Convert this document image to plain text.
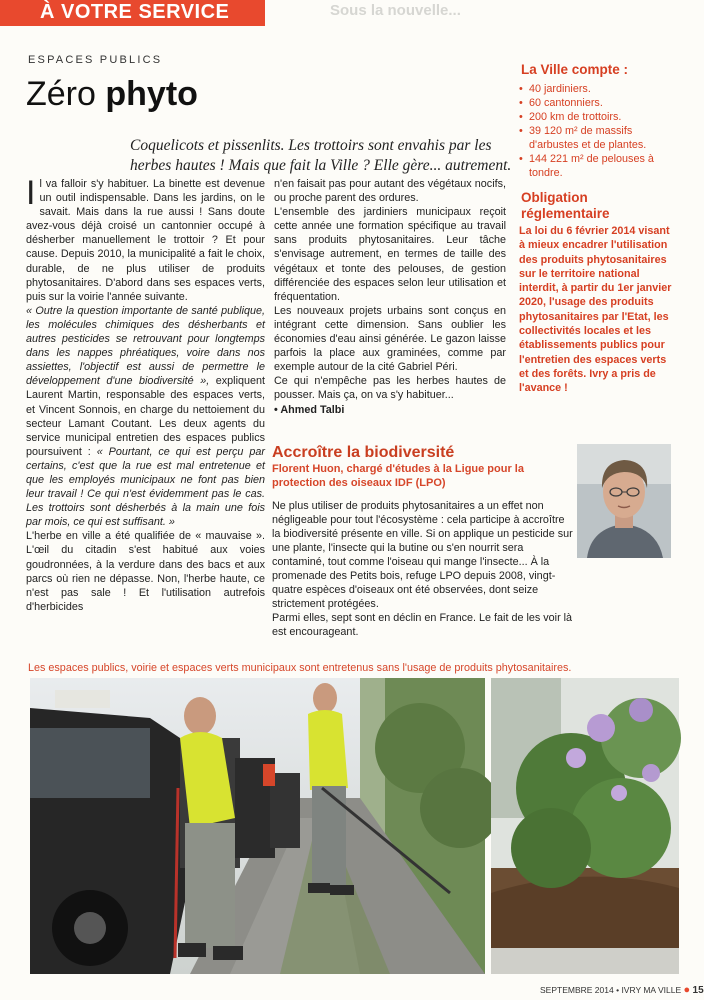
À VOTRE SERVICE	Sous la nouvelle...
ESPACES PUBLICS
Zéro phyto
Coquelicots et pissenlits. Les trottoirs sont envahis par les herbes hautes ! Mais que fait la Ville ? Elle gère... autrement.

Il va falloir s'y habituer. La binette est devenue un outil indispensable. Dans les jardins, on le savait. Mais dans la rue aussi ! Sans doute avez-vous déjà croisé un cantonnier occupé à désherber manuellement le trottoir ? Et pour cause. Depuis 2010, la municipalité a fait le choix, durable, de ne plus utiliser de produits phytosanitaires. D'abord dans ses espaces verts, puis sur la voirie l'année suivante.

« Outre la question importante de santé publique, les molécules chimiques des désherbants et autres pesticides se retrouvant pour longtemps dans les nappes phréatiques, voire dans nos assiettes, l'objectif est aussi de permettre le développement d'une biodiversité », expliquent Laurent Martin, responsable des espaces verts, et Vincent Sonnois, en charge du nettoiement du secteur Lamant Coutant. Les deux agents du service municipal entretien des espaces publics poursuivent : « Pourtant, ce qui est perçu par certains, c'est que la rue est mal entretenue et que les employés municipaux ne font pas bien leur travail ! Ce qui n'est évidemment pas le cas. Les trottoirs sont désherbés à la main une fois par mois, ce qui est suffisant. »

L'herbe en ville a été qualifiée de « mauvaise ». L'œil du citadin s'est habitué aux voies goudronnées, à la verdure dans des bacs et aux parcs où rien ne dépasse. Non, l'herbe haute, ce n'est pas sale ! Et l'utilisation autrefois d'herbicides

n'en faisait pas pour autant des végétaux nocifs, ou proche parent des ordures.

L'ensemble des jardiniers municipaux reçoit cette année une formation spécifique au travail sans produits phytosanitaires. Leur tâche s'envisage autrement, en termes de taille des végétaux et tonte des pelouses, de gestion différenciée des espaces selon leur utilisation et fréquentation.

Les nouveaux projets urbains sont conçus en intégrant cette dimension. Sans oublier les économies d'eau ainsi générée. Le gazon laisse parfois la place aux graminées, comme par exemple autour de la cité Gabriel Péri.

Ce qui n'empêche pas les herbes hautes de pousser. Mais ça, on va s'y habituer...

• Ahmed Talbi

La Ville compte :
• 40 jardiniers.
• 60 cantonniers.
• 200 km de trottoirs.
• 39 120 m² de massifs d'arbustes et de plantes.
• 144 221 m² de pelouses à tondre.
Obligation réglementaire

La loi du 6 février 2014 visant à mieux encadrer l'utilisation des produits phytosanitaires sur le territoire national interdit, à partir du 1er janvier 2020, l'usage des produits phytosanitaires par l'Etat, les collectivités locales et les établissements publics pour l'entretien des espaces verts et des forêts. Ivry a pris de l'avance !

Accroître la biodiversité
Florent Huon, chargé d'études à la Ligue pour la protection des oiseaux IDF (LPO)

Ne plus utiliser de produits phytosanitaires a un effet non négligeable pour tout l'écosystème : cela participe à accroître la biodiversité présente en ville. Si on applique un pesticide sur une plante, l'insecte qui la butine ou s'en nourrit sera contaminé, tout comme l'oiseau qui mange l'insecte... À la promenade des Petits bois, refuge LPO depuis 2008, vingt-quatre espèces d'oiseaux ont été observées, dont seize strictement protégées.

Parmi elles, sept sont en déclin en France. Le fait de les voir là est encourageant.

Les espaces publics, voirie et espaces verts municipaux sont entretenus sans l'usage de produits phytosanitaires.
SEPTEMBRE 2014 • IVRY MA VILLE ● 15
